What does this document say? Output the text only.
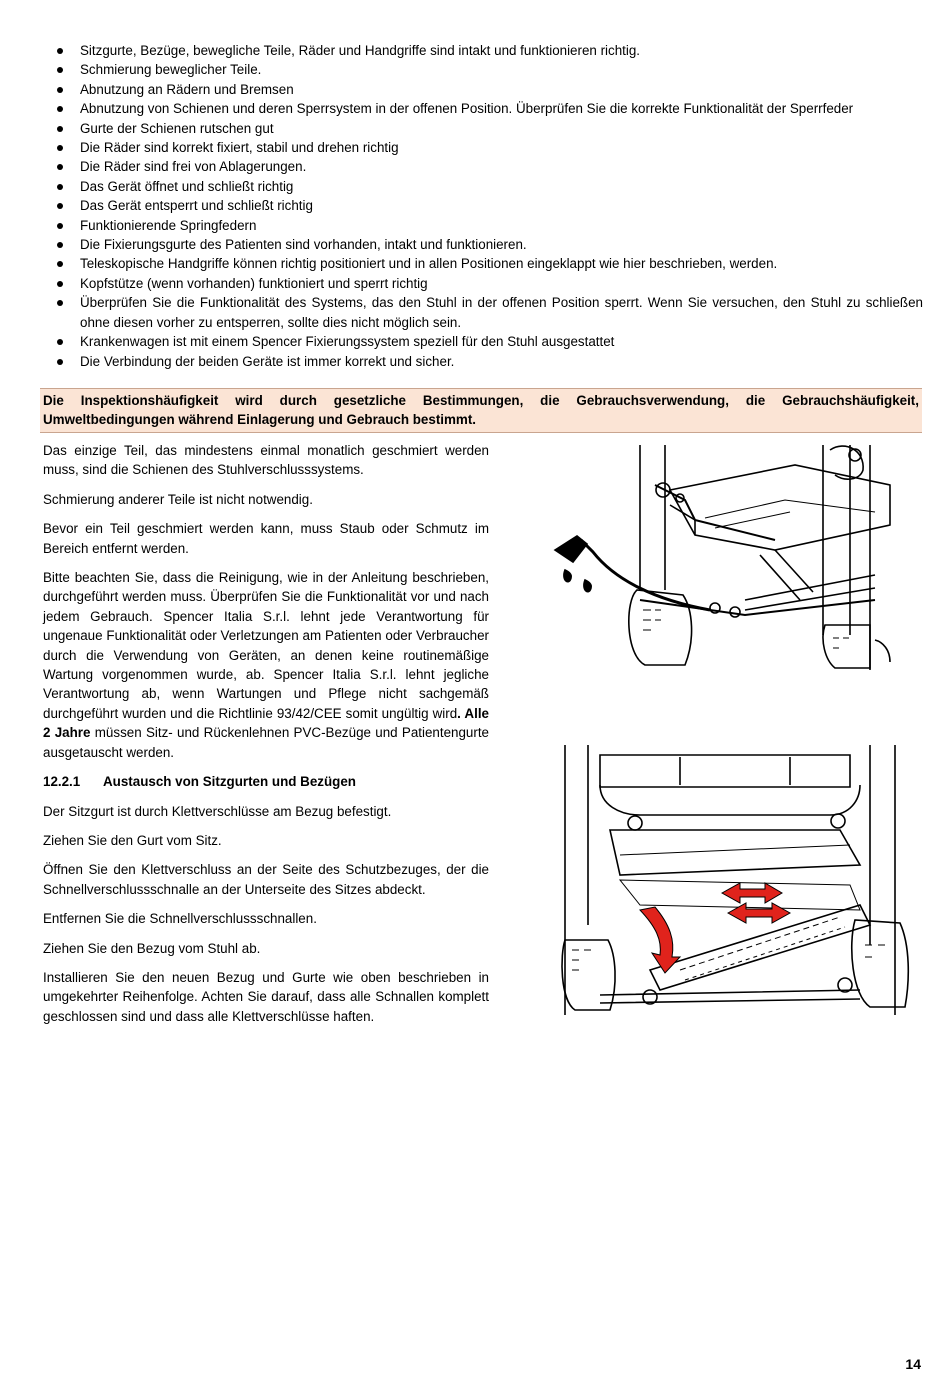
Sitzgurte, Bezüge, bewegliche Teile, Räder und Handgriffe sind intakt und funktionieren richtig.
Schmierung beweglicher Teile.
Abnutzung an Rädern und Bremsen
Abnutzung von Schienen und deren Sperrsystem in der offenen Position. Überprüfen Sie die korrekte Funktionalität der Sperrfeder
Gurte der Schienen rutschen gut
Die Räder sind korrekt fixiert, stabil und drehen richtig
Die Räder sind frei von Ablagerungen.
Das Gerät öffnet und schließt richtig
Das Gerät entsperrt und schließt richtig
Funktionierende Springfedern
Die Fixierungsgurte des Patienten sind vorhanden, intakt und funktionieren.
Teleskopische Handgriffe können richtig positioniert und in allen Positionen eingeklappt wie hier beschrieben, werden.
Kopfstütze (wenn vorhanden) funktioniert und sperrt richtig
Überprüfen Sie die Funktionalität des Systems, das den Stuhl in der offenen Position sperrt. Wenn Sie versuchen, den Stuhl zu schließen ohne diesen vorher zu entsperren, sollte dies nicht möglich sein.
Krankenwagen ist mit einem Spencer Fixierungssystem speziell für den Stuhl ausgestattet
Die Verbindung der beiden Geräte ist immer korrekt und sicher.
Die Inspektionshäufigkeit wird durch gesetzliche Bestimmungen, die Gebrauchsverwendung, die Gebrauchshäufigkeit, Umweltbedingungen während Einlagerung und Gebrauch bestimmt.

Das einzige Teil, das mindestens einmal monatlich geschmiert werden muss, sind die Schienen des Stuhlverschlusssystems.

Schmierung anderer Teile ist nicht notwendig.

Bevor ein Teil geschmiert werden kann, muss Staub oder Schmutz im Bereich entfernt werden.

Bitte beachten Sie, dass die Reinigung, wie in der Anleitung beschrieben, durchgeführt werden muss. Überprüfen Sie die Funktionalität vor und nach jedem Gebrauch. Spencer Italia S.r.l. lehnt jede Verantwortung für ungenaue Funktionalität oder Verletzungen am Patienten oder Verbraucher durch die Verwendung von Geräten, an denen keine routinemäßige Wartung vorgenommen wurde, ab. Spencer Italia S.r.l. lehnt jegliche Verantwortung ab, wenn Wartungen und Pflege nicht sachgemäß durchgeführt wurden und die Richtlinie 93/42/CEE somit ungültig wird. Alle 2 Jahre müssen Sitz- und Rückenlehnen PVC-Bezüge und Patientengurte ausgetauscht werden.

12.2.1 Austausch von Sitzgurten und Bezügen

Der Sitzgurt ist durch Klettverschlüsse am Bezug befestigt.

Ziehen Sie den Gurt vom Sitz.

Öffnen Sie den Klettverschluss an der Seite des Schutzbezuges, der die Schnellverschlussschnalle an der Unterseite des Sitzes abdeckt.

Entfernen Sie die Schnellverschlussschnallen.

Ziehen Sie den Bezug vom Stuhl ab.

Installieren Sie den neuen Bezug und Gurte wie oben beschrieben in umgekehrter Reihenfolge. Achten Sie darauf, dass alle Schnallen komplett geschlossen sind und dass alle Klettverschlüsse haften.

14
